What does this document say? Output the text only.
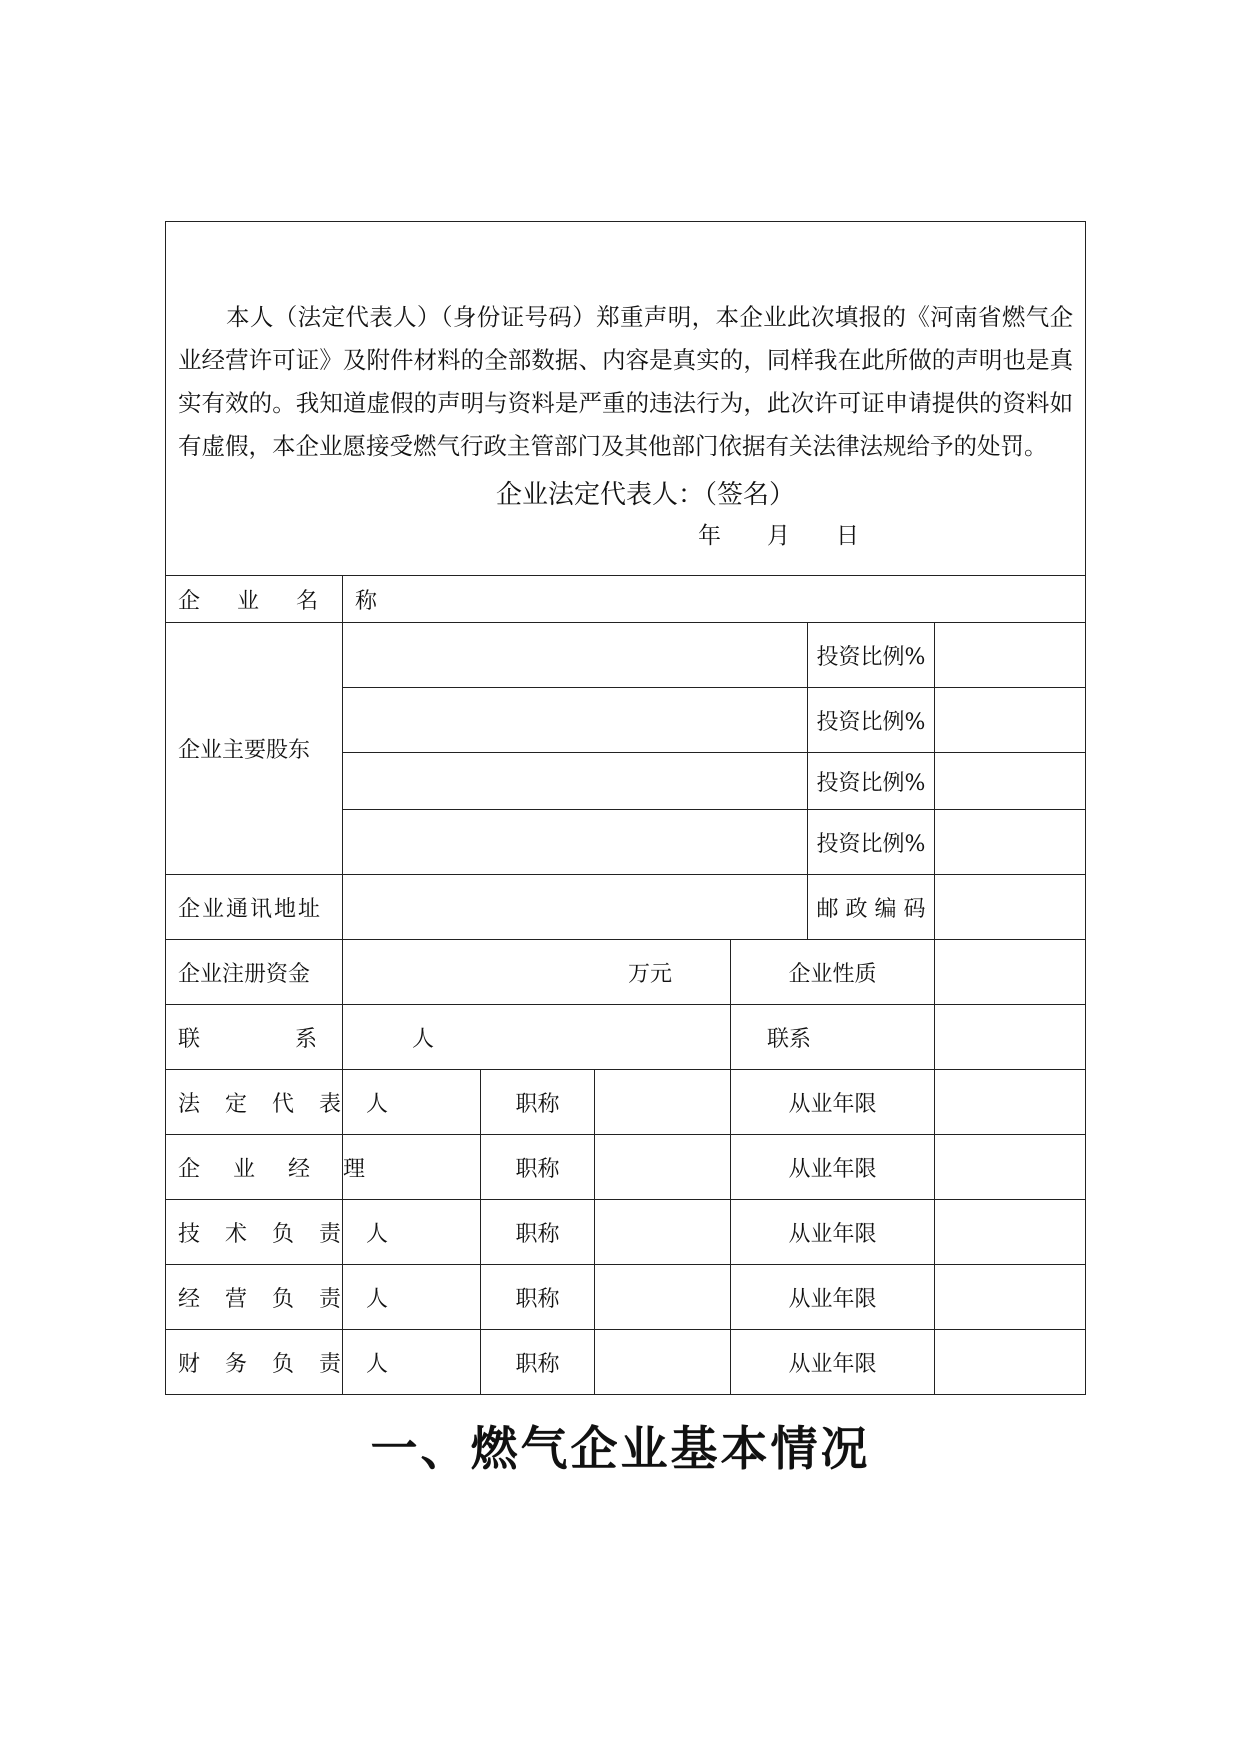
本人（法定代表人）（身份证号码）郑重声明，本企业此次填报的《河南省燃气企业经营许可证》及附件材料的全部数据、内容是真实的，同样我在此所做的声明也是真实有效的。我知道虚假的声明与资料是严重的违法行为，此次许可证申请提供的资料如有虚假，本企业愿接受燃气行政主管部门及其他部门依据有关法律法规给予的处罚。
企业法定代表人：（签名）
年 月 日						

企 业 名 称						
企业主要股东					投资比例%	
					投资比例%	
					投资比例%	
					投资比例%	
企业通讯地址					邮 政 编 码	
企业注册资金	万元			企业性质		
联 系 人				联系		
法 定 代 表 人		职称		从业年限		
企 业 经 理		职称		从业年限		
技 术 负 责 人		职称		从业年限		
经 营 负 责 人		职称		从业年限		
财 务 负 责 人		职称		从业年限		
一、燃气企业基本情况
